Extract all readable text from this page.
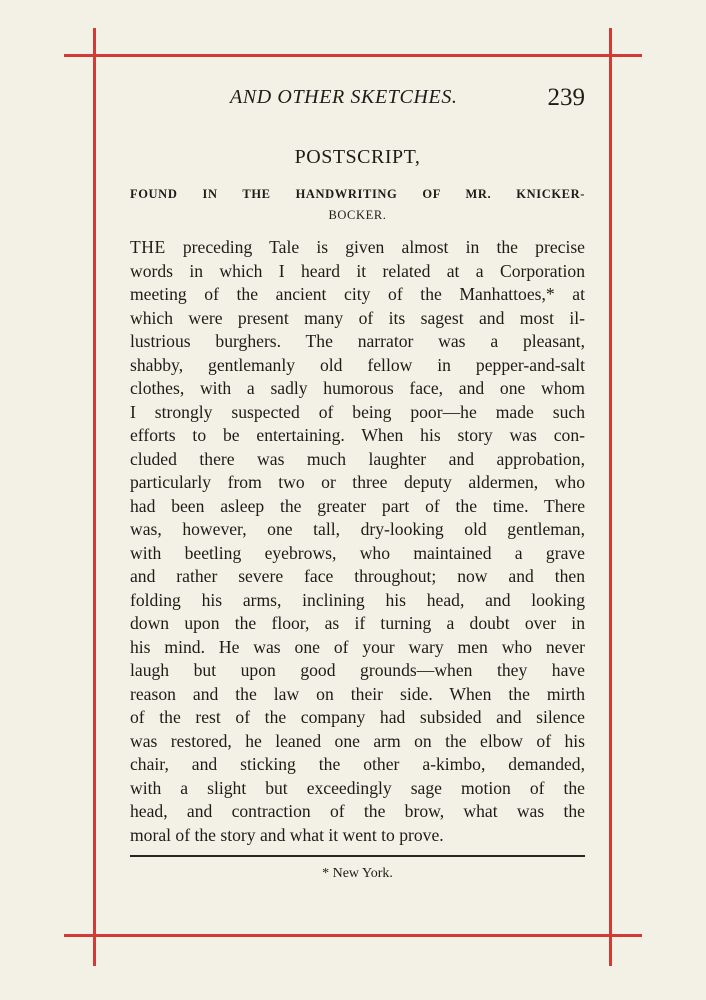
AND OTHER SKETCHES.	239
POSTSCRIPT,
FOUND IN THE HANDWRITING OF MR. KNICKER-
BOCKER.
THE preceding Tale is given almost in the precise
words in which I heard it related at a Corporation
meeting of the ancient city of the Manhattoes,* at
which were present many of its sagest and most il-
lustrious burghers. The narrator was a pleasant,
shabby, gentlemanly old fellow in pepper-and-salt
clothes, with a sadly humorous face, and one whom
I strongly suspected of being poor—he made such
efforts to be entertaining. When his story was con-
cluded there was much laughter and approbation,
particularly from two or three deputy aldermen, who
had been asleep the greater part of the time. There
was, however, one tall, dry-looking old gentleman,
with beetling eyebrows, who maintained a grave
and rather severe face throughout; now and then
folding his arms, inclining his head, and looking
down upon the floor, as if turning a doubt over in
his mind. He was one of your wary men who never
laugh but upon good grounds—when they have
reason and the law on their side. When the mirth
of the rest of the company had subsided and silence
was restored, he leaned one arm on the elbow of his
chair, and sticking the other a-kimbo, demanded,
with a slight but exceedingly sage motion of the
head, and contraction of the brow, what was the
moral of the story and what it went to prove.
* New York.
